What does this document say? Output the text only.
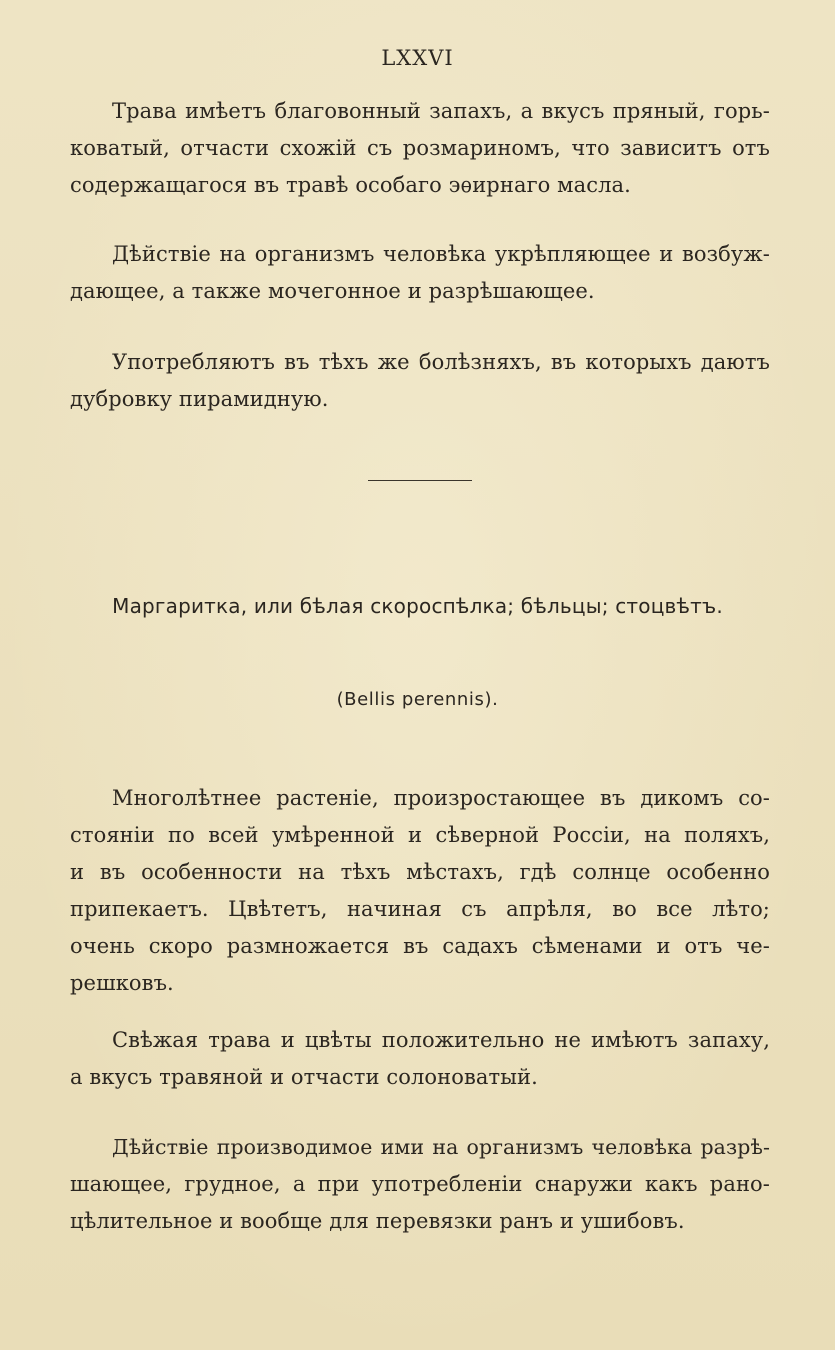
LXXVI
Трава имѣетъ благовонный запахъ, а вкусъ пряный, горь-
коватый, отчасти схожій съ розмариномъ, что зависитъ отъ
содержащагося въ травѣ особаго эѳирнаго масла.
Дѣйствіе на организмъ человѣка укрѣпляющее и возбуж-
дающее, а также мочегонное и разрѣшающее.
Употребляютъ въ тѣхъ же болѣзняхъ, въ которыхъ даютъ
дубровку пирамидную.
Маргаритка, или бѣлая скороспѣлка; бѣльцы; стоцвѣтъ.
(Bellis perennis).
Многолѣтнее растеніе, произростающее въ дикомъ со-
стояніи по всей умѣренной и сѣверной Россіи, на поляхъ,
и въ особенности на тѣхъ мѣстахъ, гдѣ солнце особенно
припекаетъ. Цвѣтетъ, начиная съ апрѣля, во все лѣто;
очень скоро размножается въ садахъ сѣменами и отъ че-
решковъ.
Свѣжая трава и цвѣты положительно не имѣютъ запаху,
а вкусъ травяной и отчасти солоноватый.
Дѣйствіе производимое ими на организмъ человѣка разрѣ-
шающее, грудное, а при употребленіи снаружи какъ рано-
цѣлительное и вообще для перевязки ранъ и ушибовъ.
